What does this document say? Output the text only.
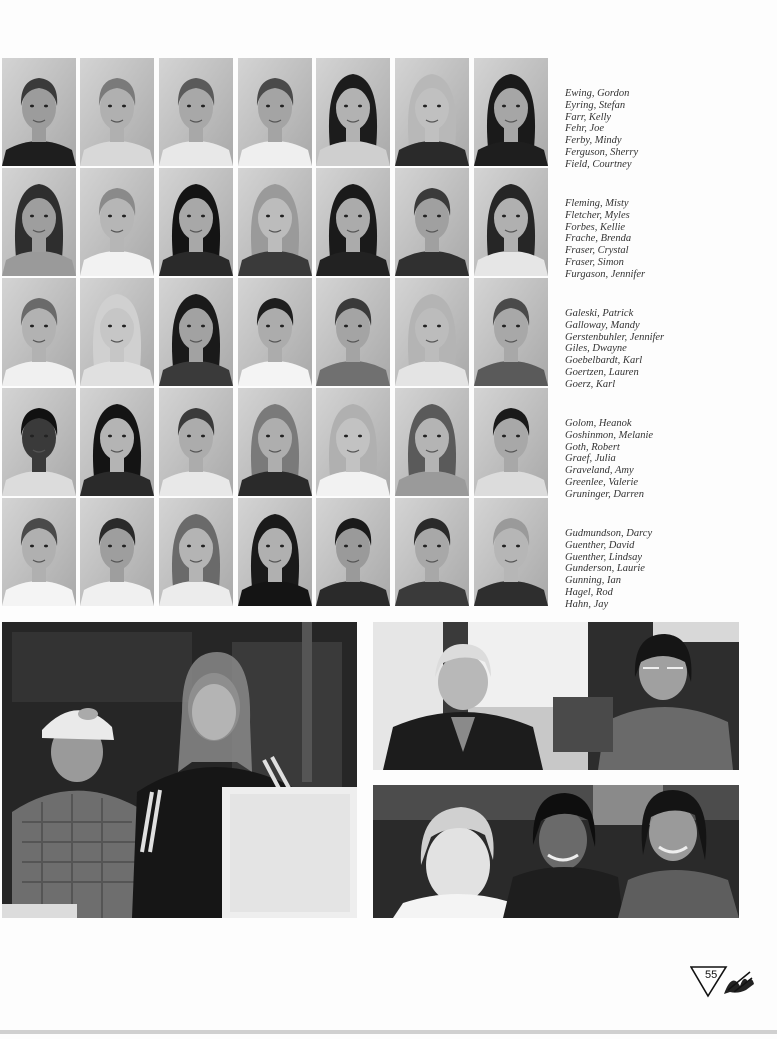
Ewing, Gordon
Eyring, Stefan
Farr, Kelly
Fehr, Joe
Ferby, Mindy
Ferguson, Sherry
Field, Courtney
Fleming, Misty
Fletcher, Myles
Forbes, Kellie
Frache, Brenda
Fraser, Crystal
Fraser, Simon
Furgason, Jennifer
Galeski, Patrick
Galloway, Mandy
Gerstenbuhler, Jennifer
Giles, Dwayne
Goebelbardt, Karl
Goertzen, Lauren
Goerz, Karl
Golom, Heanok
Goshinmon, Melanie
Goth, Robert
Graef, Julia
Graveland, Amy
Greenlee, Valerie
Gruninger, Darren
Gudmundson, Darcy
Guenther, David
Guenther, Lindsay
Gunderson, Laurie
Gunning, Ian
Hagel, Rod
Hahn, Jay
55
